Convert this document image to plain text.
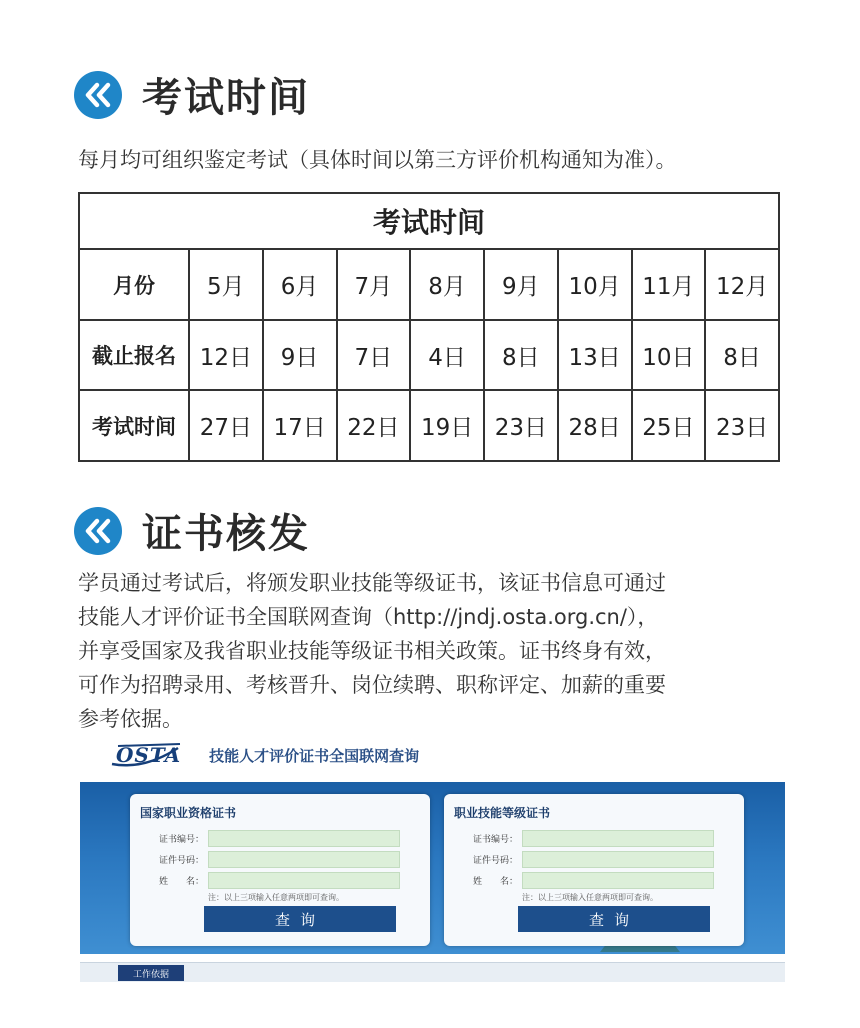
考试时间
每月均可组织鉴定考试（具体时间以第三方评价机构通知为准）。
考试时间								
月份	5月	6月	7月	8月	9月	10月	11月	12月
截止报名	12日	9日	7日	4日	8日	13日	10日	8日
考试时间	27日	17日	22日	19日	23日	28日	25日	23日
证书核发

学员通过考试后，将颁发职业技能等级证书，该证书信息可通过

技能人才评价证书全国联网查询（http://jndj.osta.org.cn/），

并享受国家及我省职业技能等级证书相关政策。证书终身有效，

可作为招聘录用、考核晋升、岗位续聘、职称评定、加薪的重要

参考依据。

OSTA 技能人才评价证书全国联网查询
国家职业资格证书
证书编号：
证件号码：
姓　　名：
注：以上三项输入任意两项即可查询。
查询
职业技能等级证书
证书编号：
证件号码：
姓　　名：
注：以上三项输入任意两项即可查询。
查询
工作依据
